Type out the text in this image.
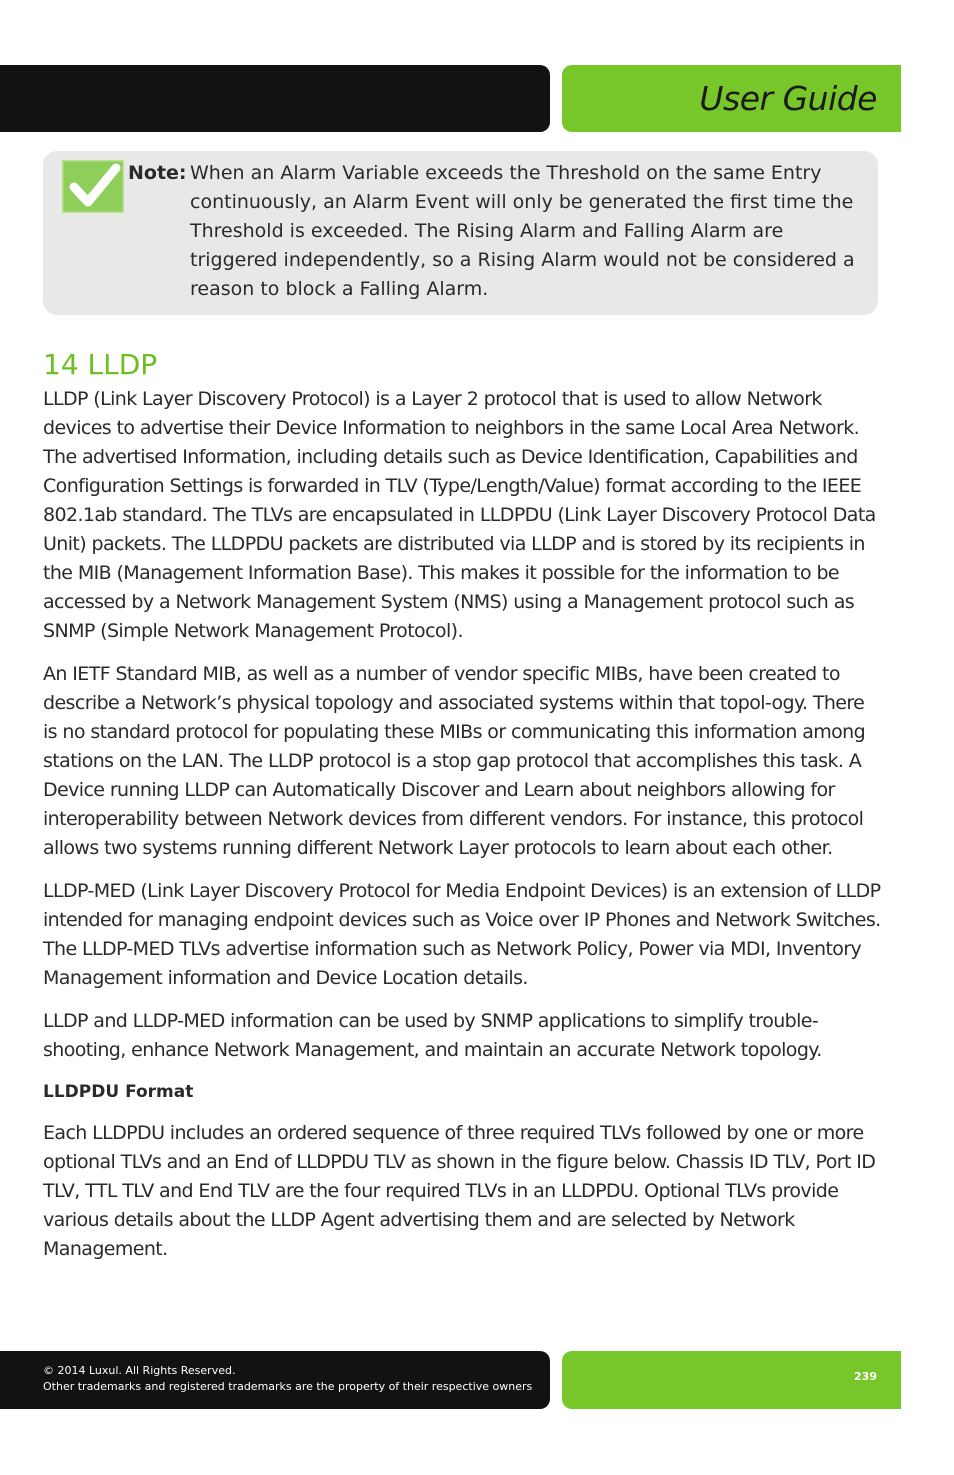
User Guide
Note: When an Alarm Variable exceeds the Threshold on the same Entry continuously, an Alarm Event will only be generated the first time the Threshold is exceeded. The Rising Alarm and Falling Alarm are triggered independently, so a Rising Alarm would not be considered a reason to block a Falling Alarm.

14 LLDP

LLDP (Link Layer Discovery Protocol) is a Layer 2 protocol that is used to allow Network devices to advertise their Device Information to neighbors in the same Local Area Network. The advertised Information, including details such as Device Identification, Capabilities and Configuration Settings is forwarded in TLV (Type/Length/Value) format according to the IEEE 802.1ab standard. The TLVs are encapsulated in LLDPDU (Link Layer Discovery Protocol Data Unit) packets. The LLDPDU packets are distributed via LLDP and is stored by its recipients in the MIB (Management Information Base). This makes it possible for the information to be accessed by a Network Management System (NMS) using a Management protocol such as SNMP (Simple Network Management Protocol).

An IETF Standard MIB, as well as a number of vendor specific MIBs, have been created to describe a Network’s physical topology and associated systems within that topol-ogy. There is no standard protocol for populating these MIBs or communicating this information among stations on the LAN. The LLDP protocol is a stop gap protocol that accomplishes this task. A Device running LLDP can Automatically Discover and Learn about neighbors allowing for interoperability between Network devices from different vendors. For instance, this protocol allows two systems running different Network Layer protocols to learn about each other.

LLDP-MED (Link Layer Discovery Protocol for Media Endpoint Devices) is an extension of LLDP intended for managing endpoint devices such as Voice over IP Phones and Network Switches. The LLDP-MED TLVs advertise information such as Network Policy, Power via MDI, Inventory Management information and Device Location details.

LLDP and LLDP-MED information can be used by SNMP applications to simplify trouble-shooting, enhance Network Management, and maintain an accurate Network topology.

LLDPDU Format

Each LLDPDU includes an ordered sequence of three required TLVs followed by one or more optional TLVs and an End of LLDPDU TLV as shown in the figure below. Chassis ID TLV, Port ID TLV, TTL TLV and End TLV are the four required TLVs in an LLDPDU. Optional TLVs provide various details about the LLDP Agent advertising them and are selected by Network Management.

© 2014 Luxul. All Rights Reserved.

Other trademarks and registered trademarks are the property of their respective owners

239
